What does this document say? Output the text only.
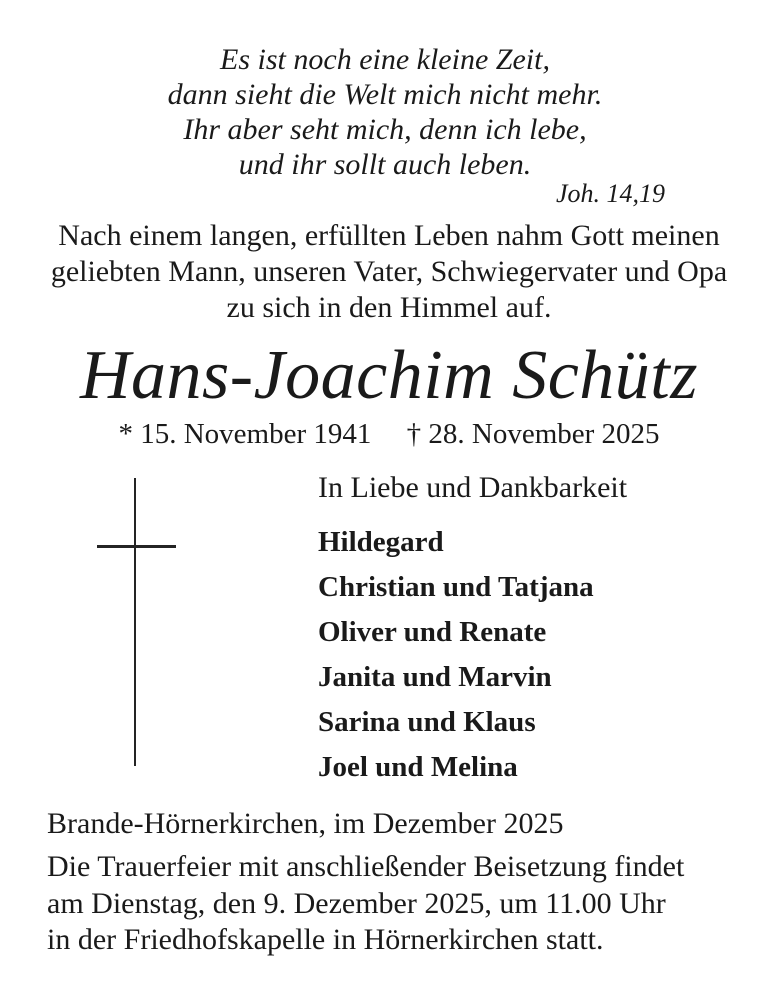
Es ist noch eine kleine Zeit,
dann sieht die Welt mich nicht mehr.
Ihr aber seht mich, denn ich lebe,
und ihr sollt auch leben.
Joh. 14,19
Nach einem langen, erfüllten Leben nahm Gott meinen
geliebten Mann, unseren Vater, Schwiegervater und Opa
zu sich in den Himmel auf.
Hans-Joachim Schütz
* 15. November 1941 † 28. November 2025
In Liebe und Dankbarkeit
Hildegard
Christian und Tatjana
Oliver und Renate
Janita und Marvin
Sarina und Klaus
Joel und Melina
Brande-Hörnerkirchen, im Dezember 2025
Die Trauerfeier mit anschließender Beisetzung findet
am Dienstag, den 9. Dezember 2025, um 11.00 Uhr
in der Friedhofskapelle in Hörnerkirchen statt.
